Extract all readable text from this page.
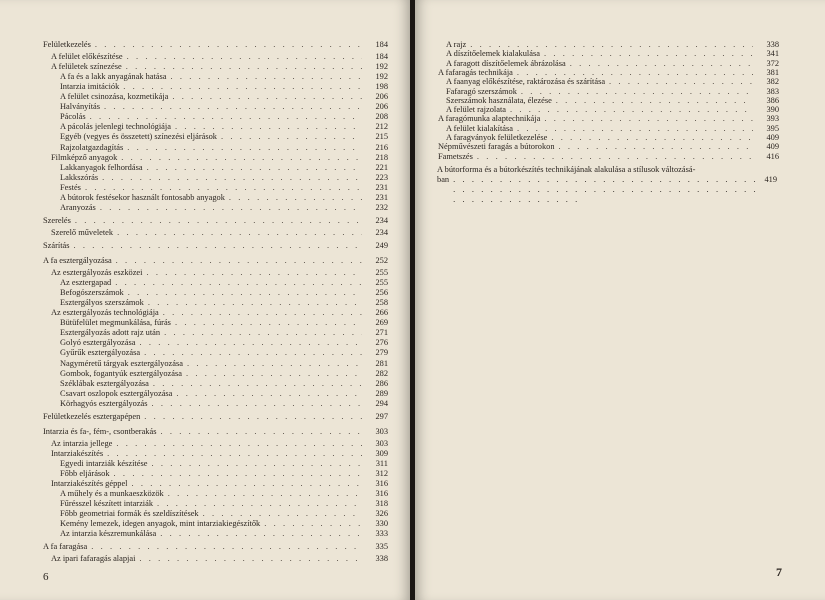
Felületkezelés . . .	184
A felület előkészítése . . .	184
A felületek színezése . . .	192
A fa és a lakk anyagának hatása . . .	192
Intarzia imitációk . . .	198
A felület csinozása, kozmetikája . . .	206
Halványítás . . .	206
Pácolás . . .	208
A pácolás jelenlegi technológiája . . .	212
Egyéb (vegyes és összetett) színezési eljárások . . .	215
Rajzolatgazdagítás . . .	216
Filmképző anyagok . . .	218
Lakkanyagok felhordása . . .	221
Lakkszórás . . .	223
Festés . . .	231
A bútorok festésekor használt fontosabb anyagok . . .	231
Aranyozás . . .	232
Szerelés . . .	234
Szerelő műveletek . . .	234
Szárítás . . .	249
A fa esztergályozása . . .	252
Az esztergályozás eszközei . . .	255
Az esztergapad . . .	255
Befogószerszámok . . .	256
Esztergályos szerszámok . . .	258
Az esztergályozás technológiája . . .	266
Bütüfelület megmunkálása, fúrás . . .	269
Esztergályozás adott rajz után . . .	271
Golyó esztergályozása . . .	276
Gyűrűk esztergályozása . . .	279
Nagyméretű tárgyak esztergályozása . . .	281
Gombok, fogantyúk esztergályozása . . .	282
Széklábak esztergályozása . . .	286
Csavart oszlopok esztergályozása . . .	289
Körhagyós esztergályozás . . .	294
Felületkezelés esztergapépen . . .	297
Intarzia és fa-, fém-, csontberakás . . .	303
Az intarzia jellege . . .	303
Intarziakészítés . . .	309
Egyedi intarziák készítése . . .	311
Főbb eljárások . . .	312
Intarziakészítés géppel . . .	316
A műhely és a munkaeszközök . . .	316
Fűrésszel készített intarziák . . .	318
Főbb geometriai formák és szeldíszítések . . .	326
Kemény lemezek, idegen anyagok, mint intarziakiegészítők . . .	330
Az intarzia készremunkálása . . .	333
A fa faragása . . .	335
Az ipari fafaragás alapjai . . .	338
A rajz . . .	338
A díszítőelemek kialakulása . . .	341
A faragott díszítőelemek ábrázolása . . .	372
A fafaragás technikája . . .	381
A faanyag előkészítése, raktározása és szárítása . . .	382
Fafaragó szerszámok . . .	383
Szerszámok használata, élezése . . .	386
A felület rajzolata . . .	390
A faragómunka alaptechnikája . . .	393
A felület kialakítása . . .	395
A faragványok felületkezelése . . .	409
Népművészeti faragás a bútorokon . . .	409
Fametszés . . .	416
A bútorforma és a bútorkészítés technikájának alakulása a stílusok változásá-
ban . . .	419
6	7
